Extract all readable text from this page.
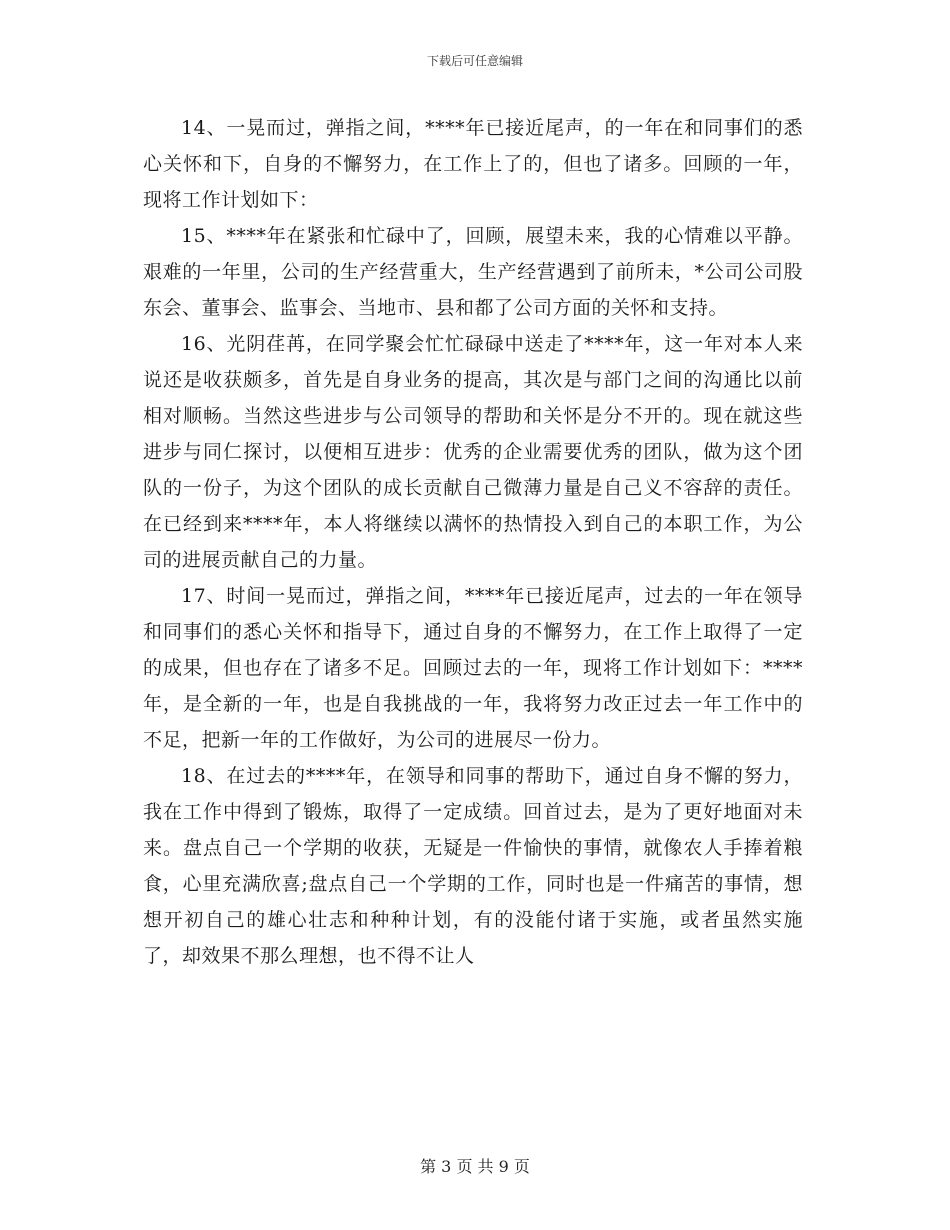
下载后可任意编辑

14、一晃而过，弹指之间，****年已接近尾声，的一年在和同事们的悉心关怀和下，自身的不懈努力，在工作上了的，但也了诸多。回顾的一年，现将工作计划如下：

15、****年在紧张和忙碌中了，回顾，展望未来，我的心情难以平静。艰难的一年里，公司的生产经营重大，生产经营遇到了前所未，*公司公司股东会、董事会、监事会、当地市、县和都了公司方面的关怀和支持。

16、光阴荏苒，在同学聚会忙忙碌碌中送走了****年，这一年对本人来说还是收获颇多，首先是自身业务的提高，其次是与部门之间的沟通比以前相对顺畅。当然这些进步与公司领导的帮助和关怀是分不开的。现在就这些进步与同仁探讨，以便相互进步：优秀的企业需要优秀的团队，做为这个团队的一份子，为这个团队的成长贡献自己微薄力量是自己义不容辞的责任。在已经到来****年，本人将继续以满怀的热情投入到自己的本职工作，为公司的进展贡献自己的力量。

17、时间一晃而过，弹指之间，****年已接近尾声，过去的一年在领导和同事们的悉心关怀和指导下，通过自身的不懈努力，在工作上取得了一定的成果，但也存在了诸多不足。回顾过去的一年，现将工作计划如下：****年，是全新的一年，也是自我挑战的一年，我将努力改正过去一年工作中的不足，把新一年的工作做好，为公司的进展尽一份力。

18、在过去的****年，在领导和同事的帮助下，通过自身不懈的努力，我在工作中得到了锻炼，取得了一定成绩。回首过去，是为了更好地面对未来。盘点自己一个学期的收获，无疑是一件愉快的事情，就像农人手捧着粮食，心里充满欣喜;盘点自己一个学期的工作，同时也是一件痛苦的事情，想想开初自己的雄心壮志和种种计划，有的没能付诸于实施，或者虽然实施了，却效果不那么理想，也不得不让人

第 3 页 共 9 页
